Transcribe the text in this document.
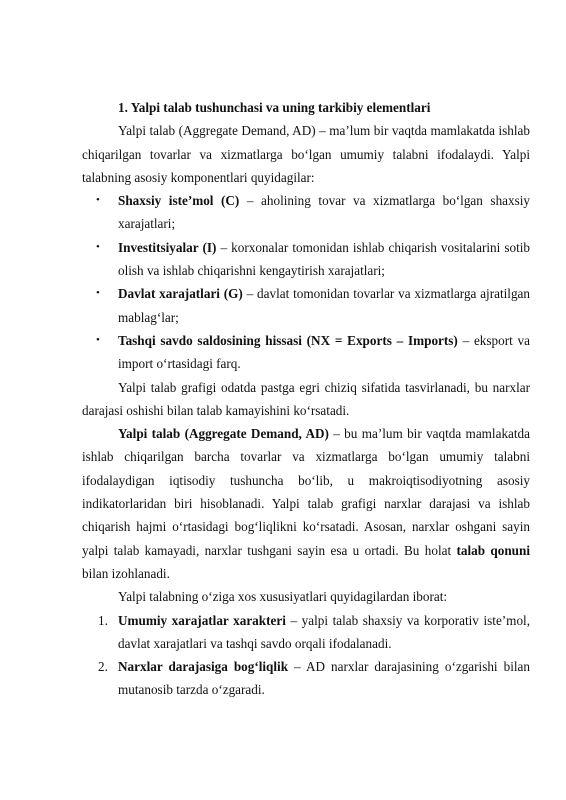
1. Yalpi talab tushunchasi va uning tarkibiy elementlari

Yalpi talab (Aggregate Demand, AD) – ma’lum bir vaqtda mamlakatda ishlab chiqarilgan tovarlar va xizmatlarga bo‘lgan umumiy talabni ifodalaydi. Yalpi talabning asosiy komponentlari quyidagilar:

• Shaxsiy iste’mol (C) – aholining tovar va xizmatlarga bo‘lgan shaxsiy xarajatlari;
• Investitsiyalar (I) – korxonalar tomonidan ishlab chiqarish vositalarini sotib olish va ishlab chiqarishni kengaytirish xarajatlari;
• Davlat xarajatlari (G) – davlat tomonidan tovarlar va xizmatlarga ajratilgan mablag‘lar;
• Tashqi savdo saldosining hissasi (NX = Exports – Imports) – eksport va import o‘rtasidagi farq.

Yalpi talab grafigi odatda pastga egri chiziq sifatida tasvirlanadi, bu narxlar darajasi oshishi bilan talab kamayishini ko‘rsatadi.

Yalpi talab (Aggregate Demand, AD) – bu ma’lum bir vaqtda mamlakatda ishlab chiqarilgan barcha tovarlar va xizmatlarga bo‘lgan umumiy talabni ifodalaydigan iqtisodiy tushuncha bo‘lib, u makroiqtisodiyotning asosiy indikatorlaridan biri hisoblanadi. Yalpi talab grafigi narxlar darajasi va ishlab chiqarish hajmi o‘rtasidagi bog‘liqlikni ko‘rsatadi. Asosan, narxlar oshgani sayin yalpi talab kamayadi, narxlar tushgani sayin esa u ortadi. Bu holat talab qonuni bilan izohlanadi.

Yalpi talabning o‘ziga xos xususiyatlari quyidagilardan iborat:

1. Umumiy xarajatlar xarakteri – yalpi talab shaxsiy va korporativ iste’mol, davlat xarajatlari va tashqi savdo orqali ifodalanadi.
2. Narxlar darajasiga bog‘liqlik – AD narxlar darajasining o‘zgarishi bilan mutanosib tarzda o‘zgaradi.
